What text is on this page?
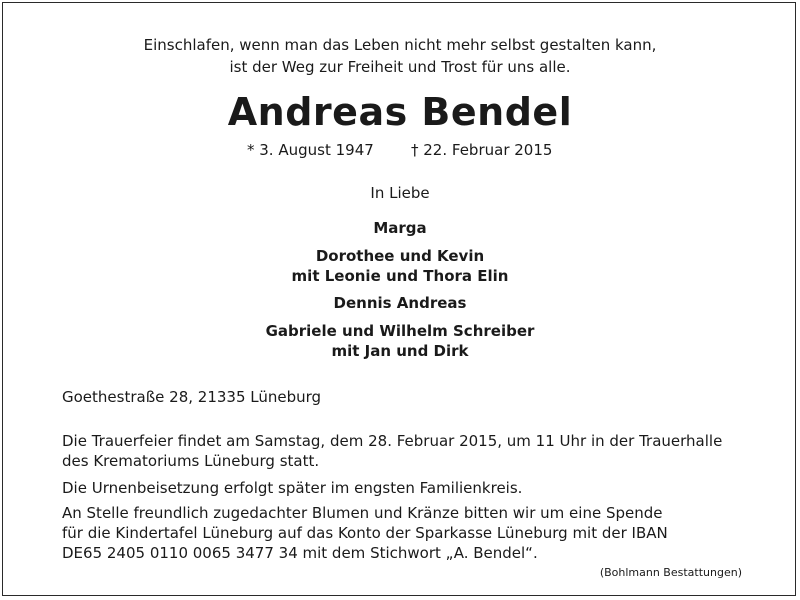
Einschlafen, wenn man das Leben nicht mehr selbst gestalten kann,
ist der Weg zur Freiheit und Trost für uns alle.
Andreas Bendel
* 3. August 1947 † 22. Februar 2015
In Liebe
Marga
Dorothee und Kevin
mit Leonie und Thora Elin
Dennis Andreas
Gabriele und Wilhelm Schreiber
mit Jan und Dirk
Goethestraße 28, 21335 Lüneburg
Die Trauerfeier findet am Samstag, dem 28. Februar 2015, um 11 Uhr in der Trauerhalle
des Krematoriums Lüneburg statt.
Die Urnenbeisetzung erfolgt später im engsten Familienkreis.
An Stelle freundlich zugedachter Blumen und Kränze bitten wir um eine Spende
für die Kindertafel Lüneburg auf das Konto der Sparkasse Lüneburg mit der IBAN
DE65 2405 0110 0065 3477 34 mit dem Stichwort „A. Bendel“.
(Bohlmann Bestattungen)
